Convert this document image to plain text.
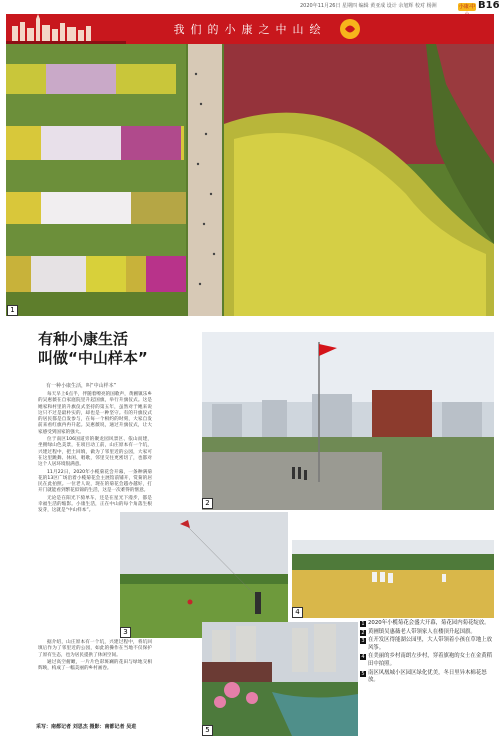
2020年11月26日 星期四 编辑 黄亚成 设计 余旭辉 校对 杨洲	小康·中 B16
我们的小康之中山绘
1
有种小康生活
叫做“中山样本”
有一种小康生活，叫“中山样本”

每天早上6点半，伴随着嘹亮的国歌声，黄圃镇乐乡的吴惠薇在自家庭院里升起国旗，举行升旗仪式。这是她家和村里的升旗仪式坚持的第五年，虽然对于她来说这只不过是最朴实的，却也是一种坚守。有的升旗仪式的居民都是自发参与，在每一个相约的时刻，大家自发前来看红旗冉冉升起。吴惠薇说，通过升旗仪式，让大家感受到国家的强大。

位于南区106国道旁的聚龙园风景区、依山而建，坐拥绿山色美景，在项目动工前，山庄原本有一个坑，兴建过程中，把土回填，做为了邻里近的公园，大家可在这里跳舞、休闲、唱歌，邻里交往更密切了，也都对这个人居环境很满意。

11月22日，2020年小榄菊花会开幕，一条种满菊花的13区广场沿着小榄菊花会主展馆前铺开，赏菊的居民在此拍照。一位老人说，现在的菊花会越办越好，打开门就能看到繁花似锦的生活，这是一次难得的惬意。

无论是在阳光下骑单车，还是在星光下漫步，都是幸福生活的缩影。小康生活，正在中山的每个角落生根发芽，这就是“中山样本”。

据介绍，山庄原本有一个坑，兴建过程中，将坑回填后作为了邻里近的公园，如此的操作在当地不仅保护了原有生态，也为居民提供了休闲空间。

通过高空俯瞰，一片片色彩斑斓的花田与绿地交相辉映，构成了一幅美丽的乡村画卷。

2
3
4
5
1 2020年小榄菊花会盛大开幕，菊花园内菊花绽放。
2 黄圃镇吴惠薇老人带领家人在楼顶升起国旗。
3 在开发区得能湖公园里，大人带领着小孩在草地上放风筝。
4 在美丽的乡村南朗左步村，穿着旗袍的女士在金黄稻田中拍照。
5 南区风凰城小区园区绿化优美，冬日里异木棉花怒放。
采写：南都记者 刘思杰 摄影：南都记者 吴进
